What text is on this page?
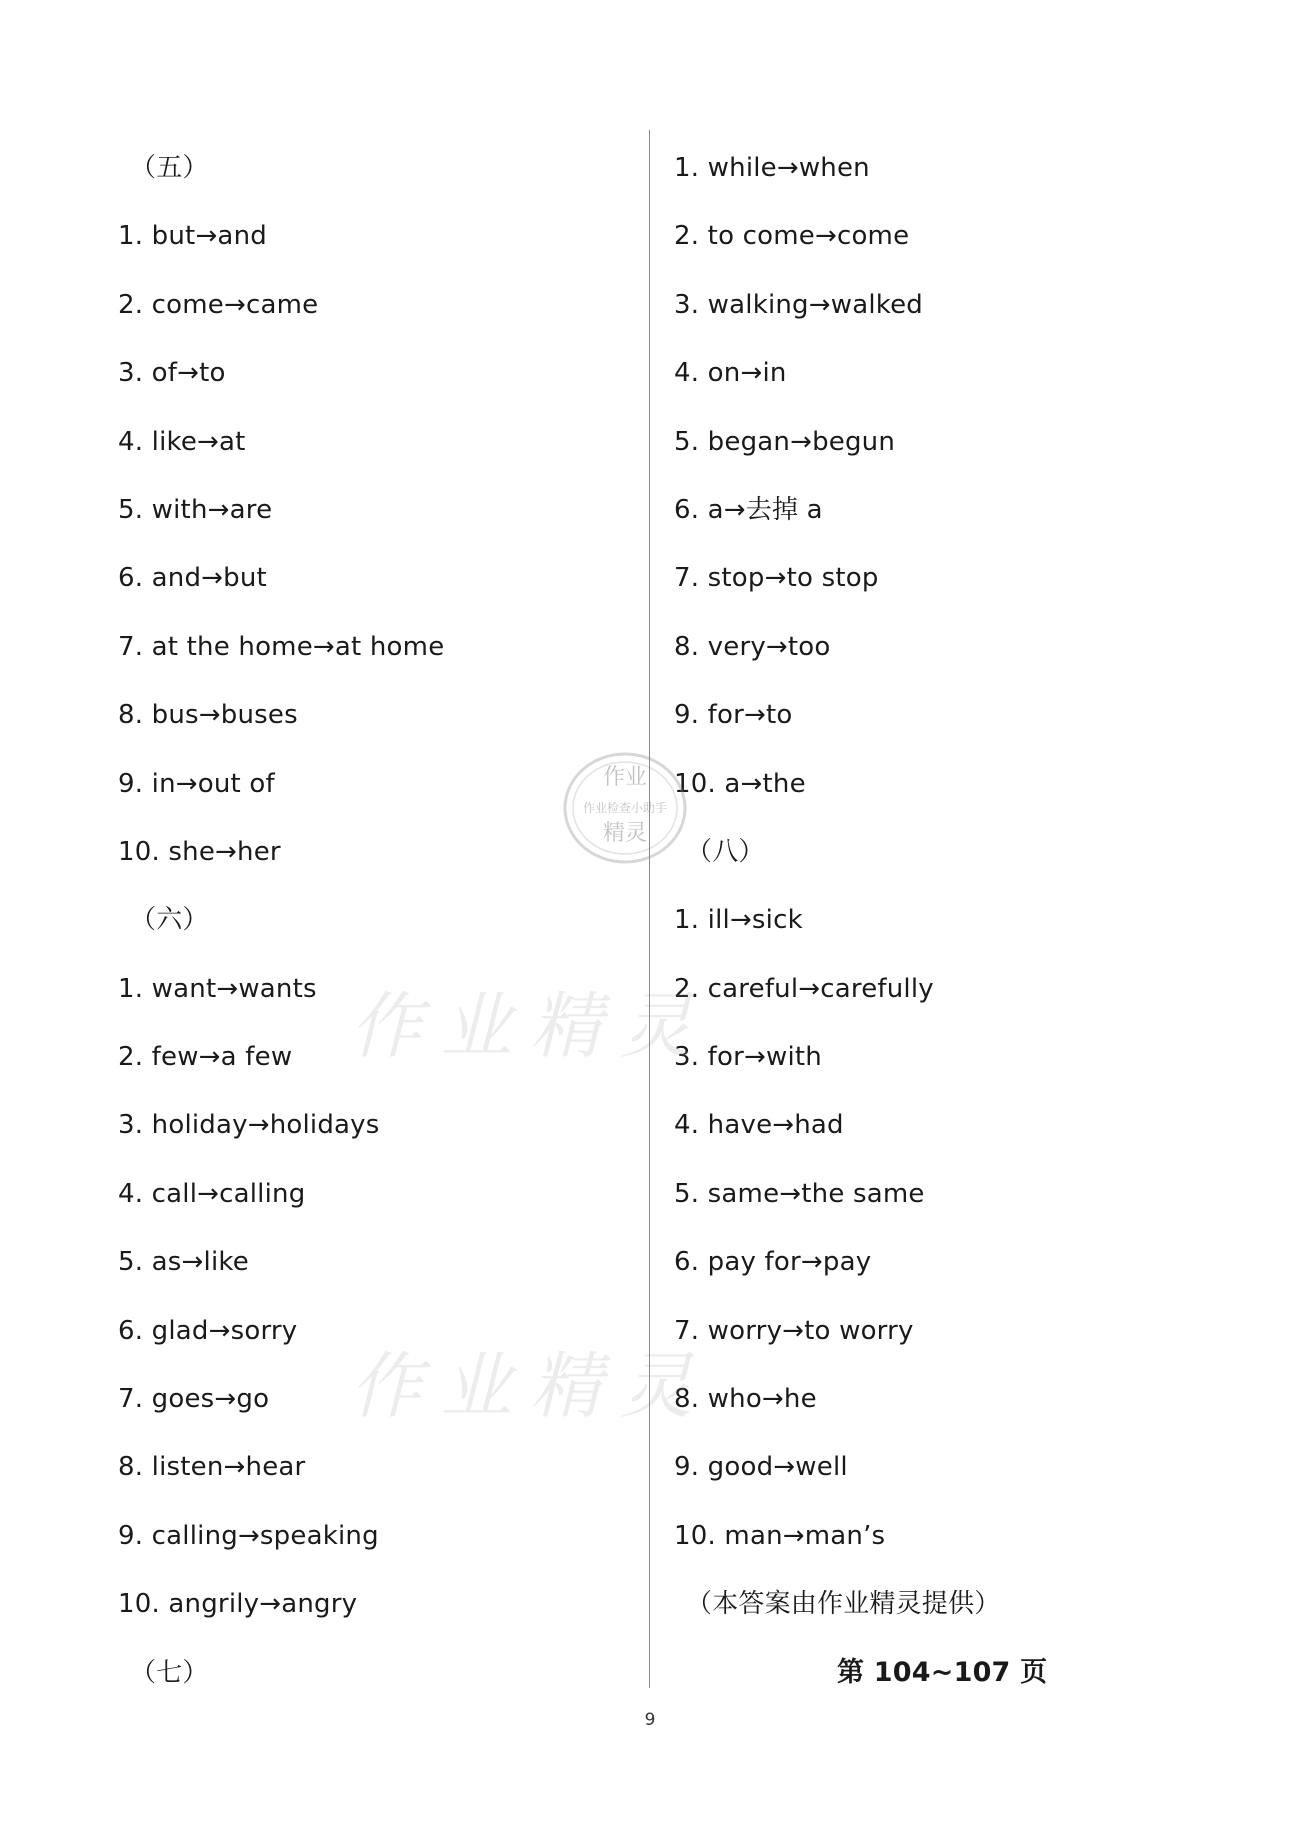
（五）
1. but→and
2. come→came
3. of→to
4. like→at
5. with→are
6. and→but
7. at the home→at home
8. bus→buses
9. in→out of
10. she→her
（六）
1. want→wants
2. few→a few
3. holiday→holidays
4. call→calling
5. as→like
6. glad→sorry
7. goes→go
8. listen→hear
9. calling→speaking
10. angrily→angry
（七）
1. while→when
2. to come→come
3. walking→walked
4. on→in
5. began→begun
6. a→去掉 a
7. stop→to stop
8. very→too
9. for→to
10. a→the
（八）
1. ill→sick
2. careful→carefully
3. for→with
4. have→had
5. same→the same
6. pay for→pay
7. worry→to worry
8. who→he
9. good→well
10. man→man’s
（本答案由作业精灵提供）
第 104~107 页
作业精灵
作业精灵
作业
作业检查小助手
精灵
9
